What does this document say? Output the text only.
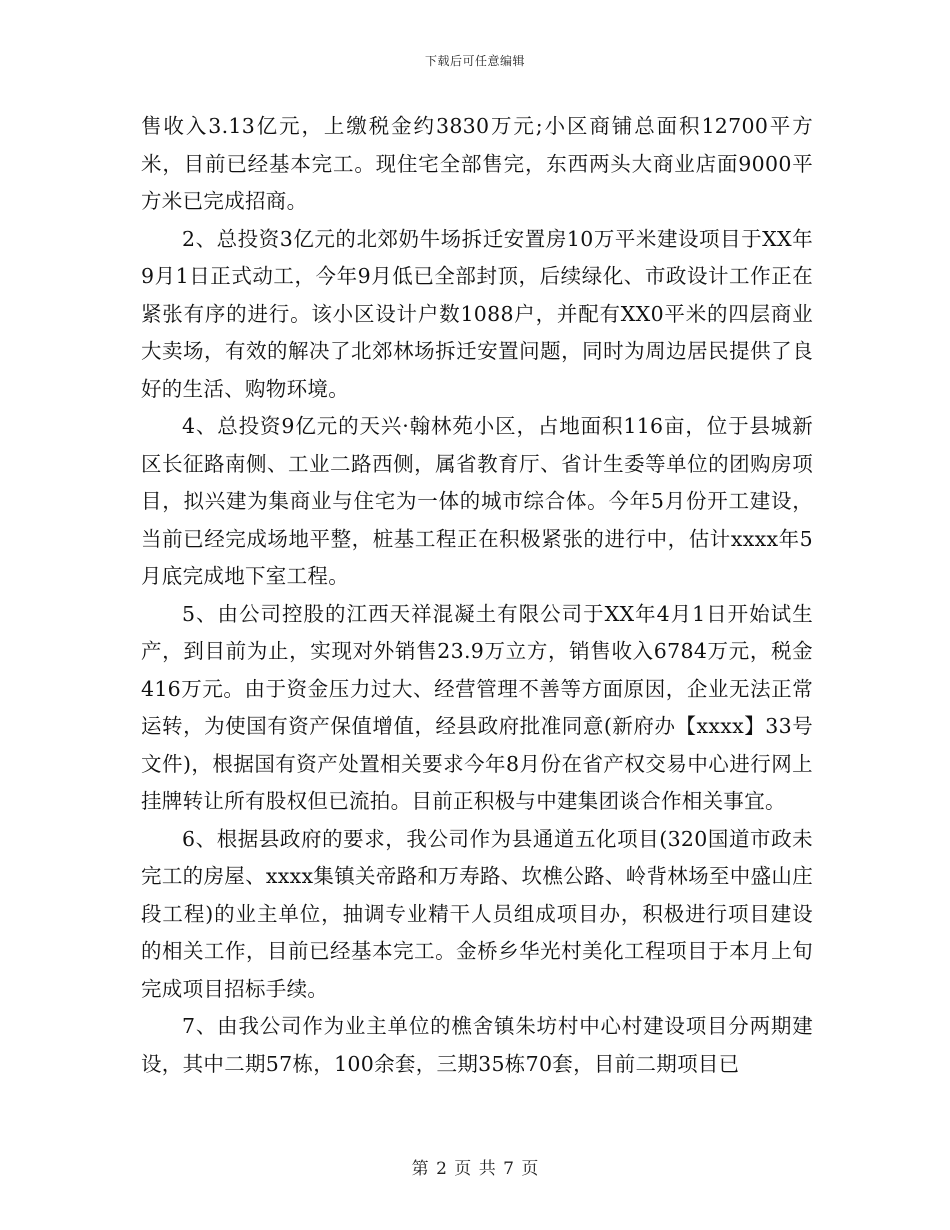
下载后可任意编辑

售收入3.13亿元，上缴税金约3830万元;小区商铺总面积12700平方米，目前已经基本完工。现住宅全部售完，东西两头大商业店面9000平方米已完成招商。

2、总投资3亿元的北郊奶牛场拆迁安置房10万平米建设项目于XX年9月1日正式动工，今年9月低已全部封顶，后续绿化、市政设计工作正在紧张有序的进行。该小区设计户数1088户，并配有XX0平米的四层商业大卖场，有效的解决了北郊林场拆迁安置问题，同时为周边居民提供了良好的生活、购物环境。

4、总投资9亿元的天兴·翰林苑小区，占地面积116亩，位于县城新区长征路南侧、工业二路西侧，属省教育厅、省计生委等单位的团购房项目，拟兴建为集商业与住宅为一体的城市综合体。今年5月份开工建设，当前已经完成场地平整，桩基工程正在积极紧张的进行中，估计xxxx年5月底完成地下室工程。

5、由公司控股的江西天祥混凝土有限公司于XX年4月1日开始试生产，到目前为止，实现对外销售23.9万立方，销售收入6784万元，税金416万元。由于资金压力过大、经营管理不善等方面原因，企业无法正常运转，为使国有资产保值增值，经县政府批准同意(新府办【xxxx】33号文件)，根据国有资产处置相关要求今年8月份在省产权交易中心进行网上挂牌转让所有股权但已流拍。目前正积极与中建集团谈合作相关事宜。

6、根据县政府的要求，我公司作为县通道五化项目(320国道市政未完工的房屋、xxxx集镇关帝路和万寿路、坎樵公路、岭背林场至中盛山庄段工程)的业主单位，抽调专业精干人员组成项目办，积极进行项目建设的相关工作，目前已经基本完工。金桥乡华光村美化工程项目于本月上旬完成项目招标手续。

7、由我公司作为业主单位的樵舍镇朱坊村中心村建设项目分两期建设，其中二期57栋，100余套，三期35栋70套，目前二期项目已

第 2 页 共 7 页
